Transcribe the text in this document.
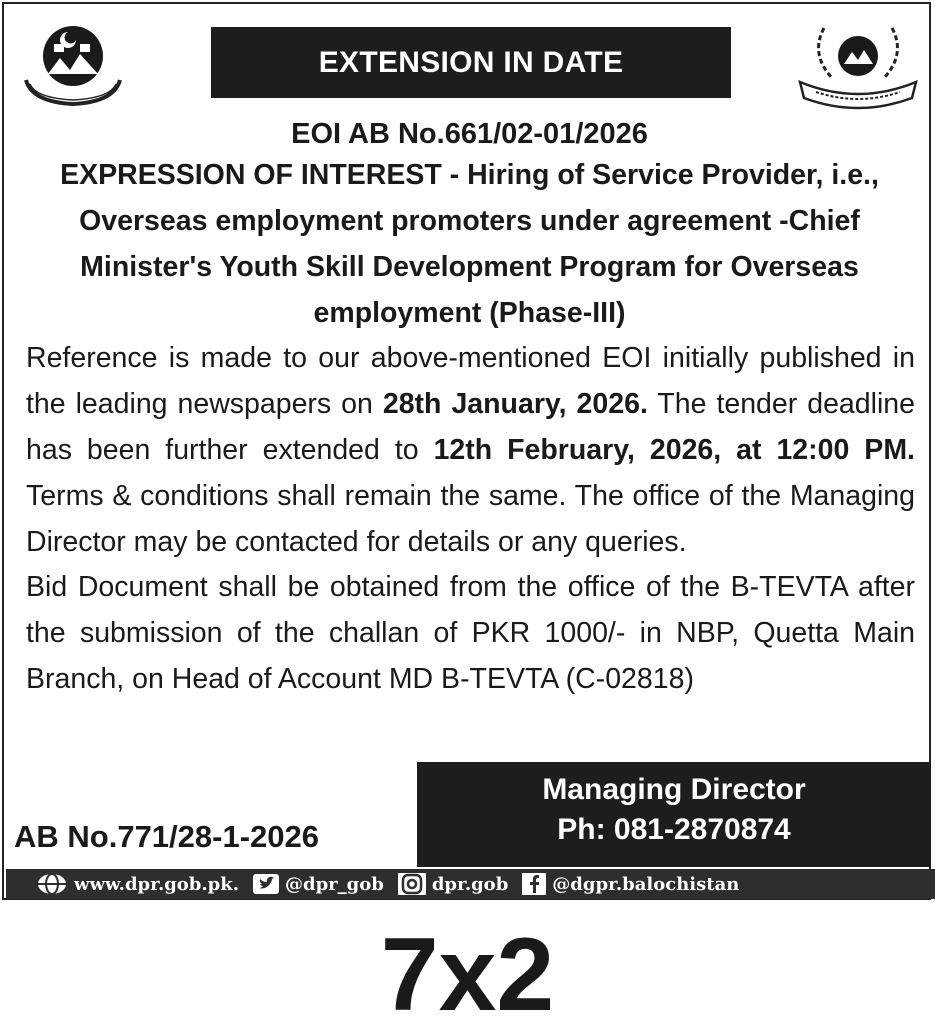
EXTENSION IN DATE
EOI AB No.661/02-01/2026
EXPRESSION OF INTEREST - Hiring of Service Provider, i.e., Overseas employment promoters under agreement -Chief Minister's Youth Skill Development Program for Overseas employment (Phase-III)
Reference is made to our above-mentioned EOI initially published in the leading newspapers on 28th January, 2026. The tender deadline has been further extended to 12th February, 2026, at 12:00 PM. Terms & conditions shall remain the same. The office of the Managing Director may be contacted for details or any queries.
Bid Document shall be obtained from the office of the B-TEVTA after the submission of the challan of PKR 1000/- in NBP, Quetta Main Branch, on Head of Account MD B-TEVTA (C-02818)
AB No.771/28-1-2026
Managing Director
Ph: 081-2870874
www.dpr.gob.pk.	@dpr_gob	dpr.gob @dgpr.balochistan
7x2
